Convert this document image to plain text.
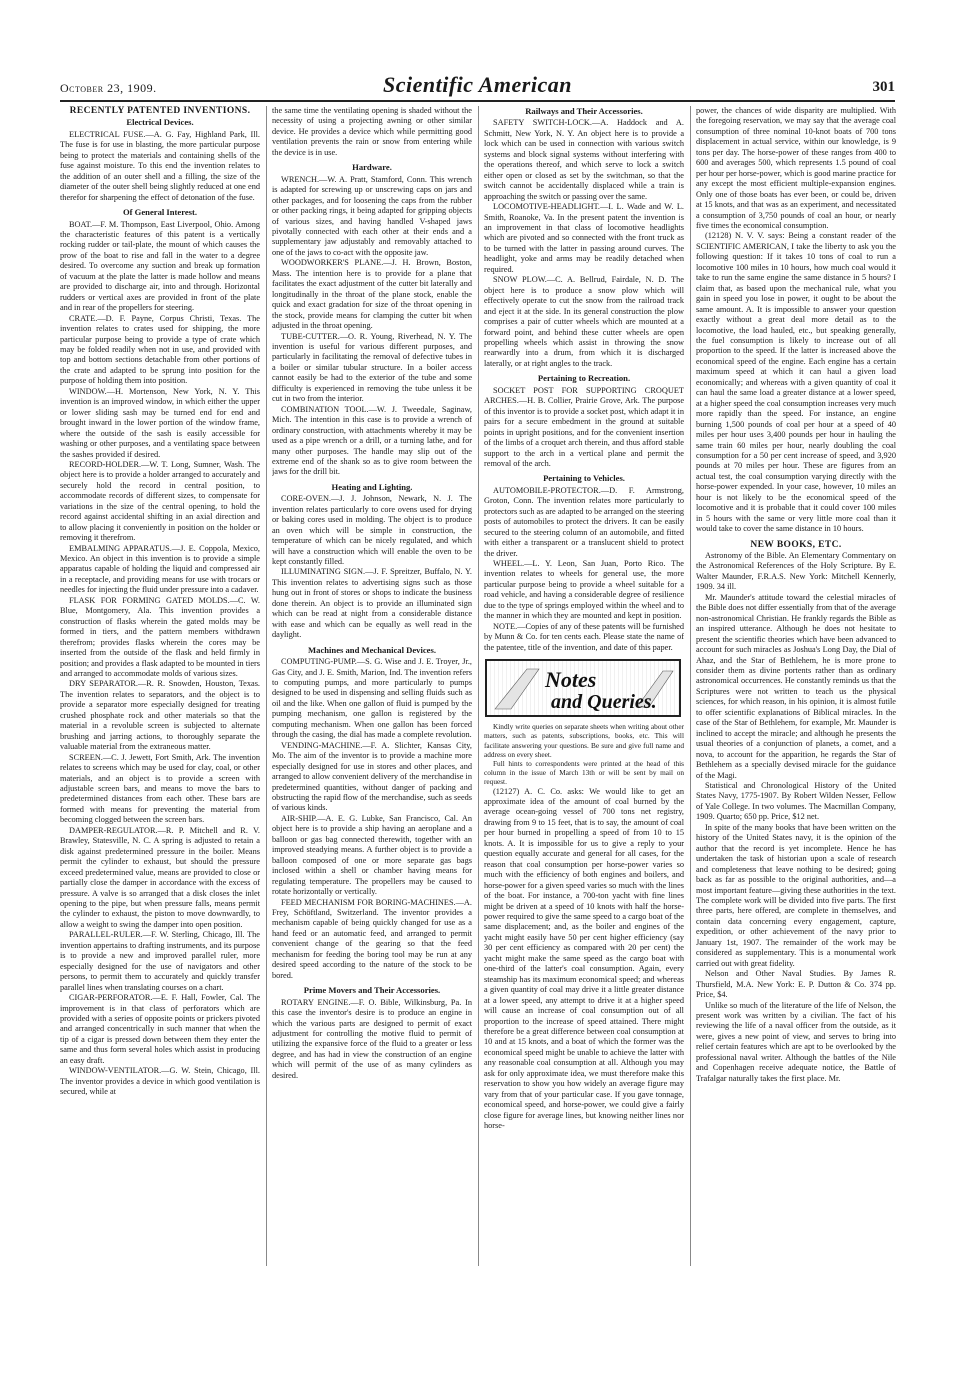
October 23, 1909.	Scientific American	301
RECENTLY PATENTED INVENTIONS.
Electrical Devices.

ELECTRICAL FUSE.—A. G. Fay, Highland Park, Ill. The fuse is for use in blasting, the more particular purpose being to protect the materials and containing shells of the fuse against moisture. To this end the invention relates to the addition of an outer shell and a filling, the size of the diameter of the outer shell being slightly reduced at one end therefor for sharpening the effect of detonation of the fuse.

Of General Interest.

BOAT.—F. M. Thompson, East Liverpool, Ohio. Among the characteristic features of this patent is a vertically rocking rudder or tail-plate, the mount of which causes the prow of the boat to rise and fall in the water to a degree desired. To overcome any suction and break up formation of vacuum at the plate the latter is made hollow and means are provided to discharge air, into and through. Horizontal rudders or vertical axes are provided in front of the plate and in rear of the propellers for steering.

CRATE.—D. F. Payne, Corpus Christi, Texas. The invention relates to crates used for shipping, the more particular purpose being to provide a type of crate which may be folded readily when not in use, and provided with top and bottom sections detachable from other portions of the crate and adapted to be sprung into position for the purpose of holding them into position.

WINDOW.—H. Mortenson, New York, N. Y. This invention is an improved window, in which either the upper or lower sliding sash may be turned end for end and brought inward in the lower portion of the window frame, where the outside of the sash is easily accessible for washing or other purposes, and a ventilating space between the sashes provided if desired.

RECORD-HOLDER.—W. T. Long, Sumner, Wash. The object here is to provide a holder arranged to accurately and securely hold the record in central position, to accommodate records of different sizes, to compensate for variations in the size of the central opening, to hold the record against accidental shifting in an axial direction and to allow placing it conveniently in position on the holder or removing it therefrom.

EMBALMING APPARATUS.—J. E. Coppola, Mexico, Mexico. An object in this invention is to provide a simple apparatus capable of holding the liquid and compressed air in a receptacle, and providing means for use with trocars or needles for injecting the fluid under pressure into a cadaver.

FLASK FOR FORMING GATED MOLDS.—C. W. Blue, Montgomery, Ala. This invention provides a construction of flasks wherein the gated molds may be formed in tiers, and the pattern members withdrawn therefrom; provides flasks wherein the cores may be inserted from the outside of the flask and held firmly in position; and provides a flask adapted to be mounted in tiers and arranged to accommodate molds of various sizes.

DRY SEPARATOR.—R. R. Snowden, Houston, Texas. The invention relates to separators, and the object is to provide a separator more especially designed for treating crushed phosphate rock and other materials so that the material in a revoluble screen is subjected to alternate brushing and jarring actions, to thoroughly separate the valuable material from the extraneous matter.

SCREEN.—C. J. Jewett, Fort Smith, Ark. The invention relates to screens which may be used for clay, coal, or other materials, and an object is to provide a screen with adjustable screen bars, and means to move the bars to predetermined distances from each other. These bars are formed with means for preventing the material from becoming clogged between the screen bars.

DAMPER-REGULATOR.—R. P. Mitchell and R. V. Brawley, Statesville, N. C. A spring is adjusted to retain a disk against predetermined pressure in the boiler. Means permit the cylinder to exhaust, but should the pressure exceed predetermined value, means are provided to close or partially close the damper in accordance with the excess of pressure. A valve is so arranged that a disk closes the inlet opening to the pipe, but when pressure falls, means permit the cylinder to exhaust, the piston to move downwardly, to allow a weight to swing the damper into open position.

PARALLEL-RULER.—F. W. Sterling, Chicago, Ill. The invention appertains to drafting instruments, and its purpose is to provide a new and improved parallel ruler, more especially designed for the use of navigators and other persons, to permit them to accurately and quickly transfer parallel lines when translating courses on a chart.

CIGAR-PERFORATOR.—E. F. Hall, Fowler, Cal. The improvement is in that class of perforators which are provided with a series of opposite points or prickers pivoted and arranged concentrically in such manner that when the tip of a cigar is pressed down between them they enter the same and thus form several holes which assist in producing an easy draft.

WINDOW-VENTILATOR.—G. W. Stein, Chicago, Ill. The inventor provides a device in which good ventilation is secured, while at

the same time the ventilating opening is shaded without the necessity of using a projecting awning or other similar device. He provides a device which while permitting good ventilation prevents the rain or snow from entering while the device is in use.

Hardware.

WRENCH.—W. A. Pratt, Stamford, Conn. This wrench is adapted for screwing up or unscrewing caps on jars and other packages, and for loosening the caps from the rubber or other packing rings, it being adapted for gripping objects of various sizes, and having handled V-shaped jaws pivotally connected with each other at their ends and a supplementary jaw adjustably and removably attached to one of the jaws to co-act with the opposite jaw.

WOODWORKER'S PLANE.—J. H. Brown, Boston, Mass. The intention here is to provide for a plane that facilitates the exact adjustment of the cutter bit laterally and longitudinally in the throat of the plane stock, enable the quick and exact gradation for size of the throat opening in the stock, provide means for clamping the cutter bit when adjusted in the throat opening.

TUBE-CUTTER.—O. R. Young, Riverhead, N. Y. The invention is useful for various different purposes, and particularly in facilitating the removal of defective tubes in a boiler or similar tubular structure. In a boiler access cannot easily be had to the exterior of the tube and some difficulty is experienced in removing the tube unless it be cut in two from the interior.

COMBINATION TOOL.—W. J. Tweedale, Saginaw, Mich. The intention in this case is to provide a wrench of ordinary construction, with attachments whereby it may be used as a pipe wrench or a drill, or a turning lathe, and for many other purposes. The handle may slip out of the extreme end of the shank so as to give room between the jaws for the drill bit.

Heating and Lighting.

CORE-OVEN.—J. J. Johnson, Newark, N. J. The invention relates particularly to core ovens used for drying or baking cores used in molding. The object is to produce an oven which will be simple in construction, the temperature of which can be nicely regulated, and which will have a construction which will enable the oven to be kept constantly filled.

ILLUMINATING SIGN.—J. F. Spreitzer, Buffalo, N. Y. This invention relates to advertising signs such as those hung out in front of stores or shops to indicate the business done therein. An object is to provide an illuminated sign which can be read at night from a considerable distance with ease and which can be equally as well read in the daylight.

Machines and Mechanical Devices.

COMPUTING-PUMP.—S. G. Wise and J. E. Troyer, Jr., Gas City, and J. E. Smith, Marion, Ind. The invention refers to computing pumps, and more particularly to pumps designed to be used in dispensing and selling fluids such as oil and the like. When one gallon of fluid is pumped by the pumping mechanism, one gallon is registered by the computing mechanism. When one gallon has been forced through the casing, the dial has made a complete revolution.

VENDING-MACHINE.—F. A. Slichter, Kansas City, Mo. The aim of the inventor is to provide a machine more especially designed for use in stores and other places, and arranged to allow convenient delivery of the merchandise in predetermined quantities, without danger of packing and obstructing the rapid flow of the merchandise, such as seeds of various kinds.

AIR-SHIP.—A. E. G. Lubke, San Francisco, Cal. An object here is to provide a ship having an aeroplane and a balloon or gas bag connected therewith, together with an improved steadying means. A further object is to provide a balloon composed of one or more separate gas bags inclosed within a shell or chamber having means for regulating temperature. The propellers may be caused to rotate horizontally or vertically.

FEED MECHANISM FOR BORING-MACHINES.—A. Frey, Schöftland, Switzerland. The inventor provides a mechanism capable of being quickly changed for use as a hand feed or an automatic feed, and arranged to permit convenient change of the gearing so that the feed mechanism for feeding the boring tool may be run at any desired speed according to the nature of the stock to be bored.

Prime Movers and Their Accessories.

ROTARY ENGINE.—F. O. Bible, Wilkinsburg, Pa. In this case the inventor's desire is to produce an engine in which the various parts are designed to permit of exact adjustment for controlling the motive fluid to permit of utilizing the expansive force of the fluid to a greater or less degree, and has had in view the construction of an engine which will permit of the use of as many cylinders as desired.

Railways and Their Accessories.

SAFETY SWITCH-LOCK.—A. Haddock and A. Schmitt, New York, N. Y. An object here is to provide a lock which can be used in connection with various switch systems and block signal systems without interfering with the operations thereof, and which serve to lock a switch either open or closed as set by the switchman, so that the switch cannot be accidentally displaced while a train is approaching the switch or passing over the same.

LOCOMOTIVE-HEADLIGHT.—I. L. Wade and W. L. Smith, Roanoke, Va. In the present patent the invention is an improvement in that class of locomotive headlights which are pivoted and so connected with the front truck as to be turned with the latter in passing around curves. The headlight, yoke and arms may be readily detached when required.

SNOW PLOW.—C. A. Bellrud, Fairdale, N. D. The object here is to produce a snow plow which will effectively operate to cut the snow from the railroad track and eject it at the side. In its general construction the plow comprises a pair of cutter wheels which are mounted at a forward point, and behind these cutter wheels are open propelling wheels which assist in throwing the snow rearwardly into a drum, from which it is discharged laterally, or at right angles to the track.

Pertaining to Recreation.

SOCKET POST FOR SUPPORTING CROQUET ARCHES.—H. B. Collier, Prairie Grove, Ark. The purpose of this inventor is to provide a socket post, which adapt it in pairs for a secure embedment in the ground at suitable points in upright positions, and for the convenient insertion of the limbs of a croquet arch therein, and thus afford stable support to the arch in a vertical plane and permit the removal of the arch.

Pertaining to Vehicles.

AUTOMOBILE-PROTECTOR.—D. F. Armstrong, Groton, Conn. The invention relates more particularly to protectors such as are adapted to be arranged on the steering posts of automobiles to protect the drivers. It can be easily secured to the steering column of an automobile, and fitted with either a transparent or a translucent shield to protect the driver.

WHEEL.—L. Y. Leon, San Juan, Porto Rico. The invention relates to wheels for general use, the more particular purpose being to provide a wheel suitable for a road vehicle, and having a considerable degree of resilience due to the type of springs employed within the wheel and to the manner in which they are mounted and kept in position.

NOTE.—Copies of any of these patents will be furnished by Munn & Co. for ten cents each. Please state the name of the patentee, title of the invention, and date of this paper.

Notes
and Queries.

Kindly write queries on separate sheets when writing about other matters, such as patents, subscriptions, books, etc. This will facilitate answering your questions. Be sure and give full name and address on every sheet.

Full hints to correspondents were printed at the head of this column in the issue of March 13th or will be sent by mail on request.

(12127) A. C. Co. asks: We would like to get an approximate idea of the amount of coal burned by the average ocean-going vessel of 700 tons net registry, drawing from 9 to 15 feet, that is to say, the amount of coal per hour burned in propelling a speed of from 10 to 15 knots. A. It is impossible for us to give a reply to your question equally accurate and general for all cases, for the reason that coal consumption per horse-power varies so much with the efficiency of both engines and boilers, and horse-power for a given speed varies so much with the lines of the boat. For instance, a 700-ton yacht with fine lines might be driven at a speed of 10 knots with half the horse-power required to give the same speed to a cargo boat of the same displacement; and, as the boiler and engines of the yacht might easily have 50 per cent higher efficiency (say 30 per cent efficiency as compared with 20 per cent) the yacht might make the same speed as the cargo boat with one-third of the latter's coal consumption. Again, every steamship has its maximum economical speed; and whereas a given quantity of coal may drive it a little greater distance at a lower speed, any attempt to drive it at a higher speed will cause an increase of coal consumption out of all proportion to the increase of speed attained. There might therefore be a great difference between coal consumption at 10 and at 15 knots, and a boat of which the former was the economical speed might be unable to achieve the latter with any reasonable coal consumption at all. Although you may ask for only approximate idea, we must therefore make this reservation to show you how widely an average figure may vary from that of your particular case. If you gave tonnage, economical speed, and horse-power, we could give a fairly close figure for average lines, but knowing neither lines nor horse-

power, the chances of wide disparity are multiplied. With the foregoing reservation, we may say that the average coal consumption of three nominal 10-knot boats of 700 tons displacement in actual service, within our knowledge, is 9 tons per day. The horse-power of these ranges from 400 to 600 and averages 500, which represents 1.5 pound of coal per hour per horse-power, which is good marine practice for any except the most efficient multiple-expansion engines. Only one of those boats has ever been, or could be, driven at 15 knots, and that was as an experiment, and necessitated a consumption of 3,750 pounds of coal an hour, or nearly five times the economical consumption.

(12128) N. V. V. says: Being a constant reader of the SCIENTIFIC AMERICAN, I take the liberty to ask you the following question: If it takes 10 tons of coal to run a locomotive 100 miles in 10 hours, how much coal would it take to run the same engine the same distance in 5 hours? I claim that, as based upon the mechanical rule, what you gain in speed you lose in power, it ought to be about the same amount. A. It is impossible to answer your question exactly without a great deal more detail as to the locomotive, the load hauled, etc., but speaking generally, the fuel consumption is likely to increase out of all proportion to the speed. If the latter is increased above the economical speed of the engine. Each engine has a certain maximum speed at which it can haul a given load economically; and whereas with a given quantity of coal it can haul the same load a greater distance at a lower speed, at a higher speed the coal consumption increases very much more rapidly than the speed. For instance, an engine burning 1,500 pounds of coal per hour at a speed of 40 miles per hour uses 3,400 pounds per hour in hauling the same train 60 miles per hour, nearly doubling the coal consumption for a 50 per cent increase of speed, and 3,920 pounds at 70 miles per hour. These are figures from an actual test, the coal consumption varying directly with the horse-power expended. In your case, however, 10 miles an hour is not likely to be the economical speed of the locomotive and it is probable that it could cover 100 miles in 5 hours with the same or very little more coal than it would take to cover the same distance in 10 hours.

NEW BOOKS, ETC.

Astronomy of the Bible. An Elementary Commentary on the Astronomical References of the Holy Scripture. By E. Walter Maunder, F.R.A.S. New York: Mitchell Kennerly, 1909. 34 ill.

Mr. Maunder's attitude toward the celestial miracles of the Bible does not differ essentially from that of the average non-astronomical Christian. He frankly regards the Bible as an inspired utterance. Although he does not hesitate to present the scientific theories which have been advanced to account for such miracles as Joshua's Long Day, the Dial of Ahaz, and the Star of Bethlehem, he is more prone to consider them as divine portents rather than as ordinary astronomical occurrences. He constantly reminds us that the Scriptures were not written to teach us the physical sciences, for which reason, in his opinion, it is almost futile to offer scientific explanations of Biblical miracles. In the case of the Star of Bethlehem, for example, Mr. Maunder is inclined to accept the miracle; and although he presents the usual theories of a conjunction of planets, a comet, and a nova, to account for the apparition, he regards the Star of Bethlehem as a specially devised miracle for the guidance of the Magi.

Statistical and Chronological History of the United States Navy, 1775-1907. By Robert Wilden Nesser, Fellow of Yale College. In two volumes. The Macmillan Company, 1909. Quarto; 650 pp. Price, $12 net.

In spite of the many books that have been written on the history of the United States navy, it is the opinion of the author that the record is yet incomplete. Hence he has undertaken the task of historian upon a scale of research and completeness that leave nothing to be desired; going back as far as possible to the original authorities, and—a most important feature—giving these authorities in the text. The complete work will be divided into five parts. The first three parts, here offered, are complete in themselves, and contain data concerning every engagement, capture, expedition, or other achievement of the navy prior to January 1st, 1907. The remainder of the work may be considered as supplementary. This is a monumental work carried out with great fidelity.

Nelson and Other Naval Studies. By James R. Thursfield, M.A. New York: E. P. Dutton & Co. 374 pp. Price, $4.

Unlike so much of the literature of the life of Nelson, the present work was written by a civilian. The fact of his reviewing the life of a naval officer from the outside, as it were, gives a new point of view, and serves to bring into relief certain features which are apt to be overlooked by the professional naval writer. Although the battles of the Nile and Copenhagen receive adequate notice, the Battle of Trafalgar naturally takes the first place. Mr.
